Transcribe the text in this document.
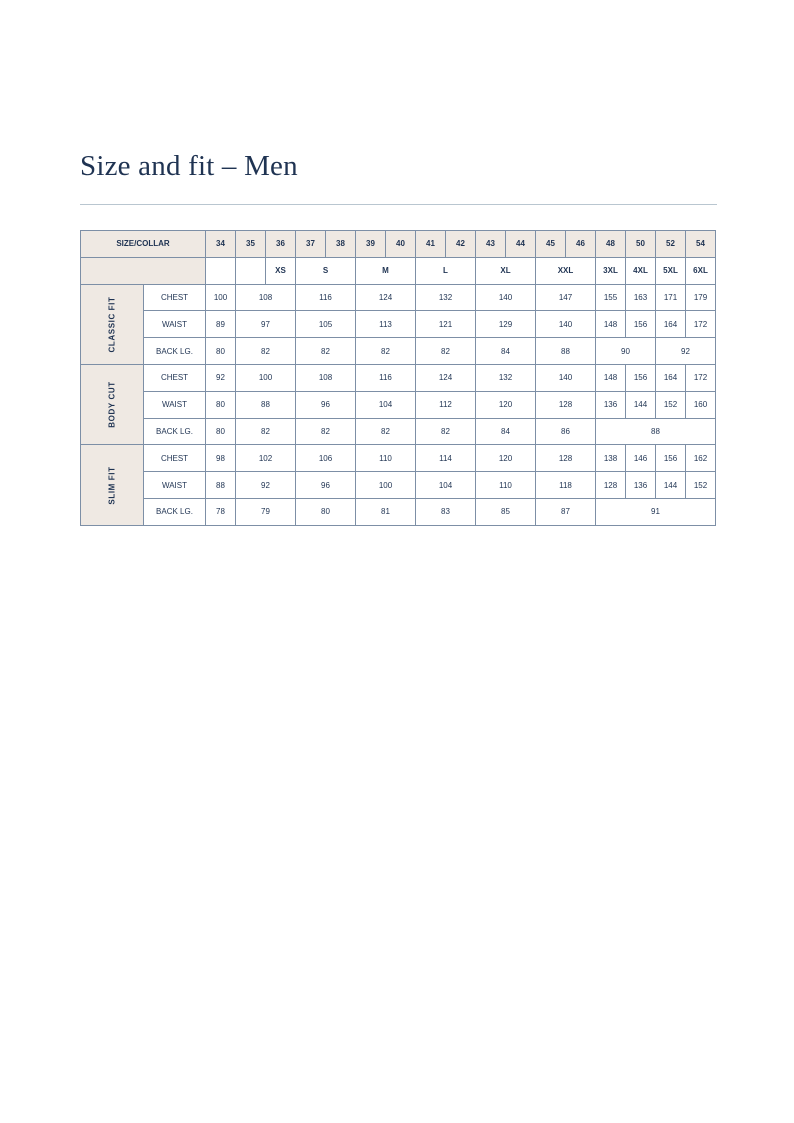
Size and fit – Men
SIZE/COLLAR		34	35	36	37	38	39	40	41	42	43	44	45	46	48	50	52	54
				XS	S		M		L		XL		XXL		3XL	4XL	5XL	6XL
CLASSIC FIT	CHEST	100	108		116		124		132		140		147		155	163	171	179
	WAIST	89	97		105		113		121		129		140		148	156	164	172
	BACK LG.	80	82		82		82		82		84		88		90		92	
BODY CUT	CHEST	92	100		108		116		124		132		140		148	156	164	172
	WAIST	80	88		96		104		112		120		128		136	144	152	160
	BACK LG.	80	82		82		82		82		84		86		88			
SLIM FIT	CHEST	98	102		106		110		114		120		128		138	146	156	162
	WAIST	88	92		96		100		104		110		118		128	136	144	152
	BACK LG.	78	79		80		81		83		85		87		91			
